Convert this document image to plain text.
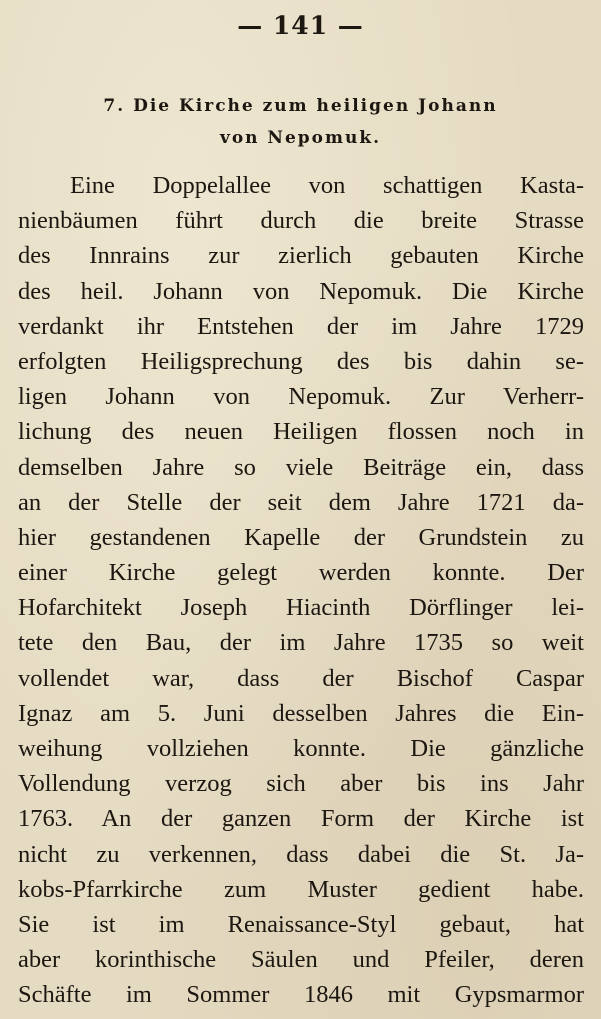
— 141 —
7. Die Kirche zum heiligen Johann
von Nepomuk.
Eine Doppelallee von schattigen Kasta-
nienbäumen führt durch die breite Strasse
des Innrains zur zierlich gebauten Kirche
des heil. Johann von Nepomuk. Die Kirche
verdankt ihr Entstehen der im Jahre 1729
erfolgten Heiligsprechung des bis dahin se-
ligen Johann von Nepomuk. Zur Verherr-
lichung des neuen Heiligen flossen noch in
demselben Jahre so viele Beiträge ein, dass
an der Stelle der seit dem Jahre 1721 da-
hier gestandenen Kapelle der Grundstein zu
einer Kirche gelegt werden konnte. Der
Hofarchitekt Joseph Hiacinth Dörflinger lei-
tete den Bau, der im Jahre 1735 so weit
vollendet war, dass der Bischof Caspar
Ignaz am 5. Juni desselben Jahres die Ein-
weihung vollziehen konnte. Die gänzliche
Vollendung verzog sich aber bis ins Jahr
1763. An der ganzen Form der Kirche ist
nicht zu verkennen, dass dabei die St. Ja-
kobs-Pfarrkirche zum Muster gedient habe.
Sie ist im Renaissance-Styl gebaut, hat
aber korinthische Säulen und Pfeiler, deren
Schäfte im Sommer 1846 mit Gypsmarmor
